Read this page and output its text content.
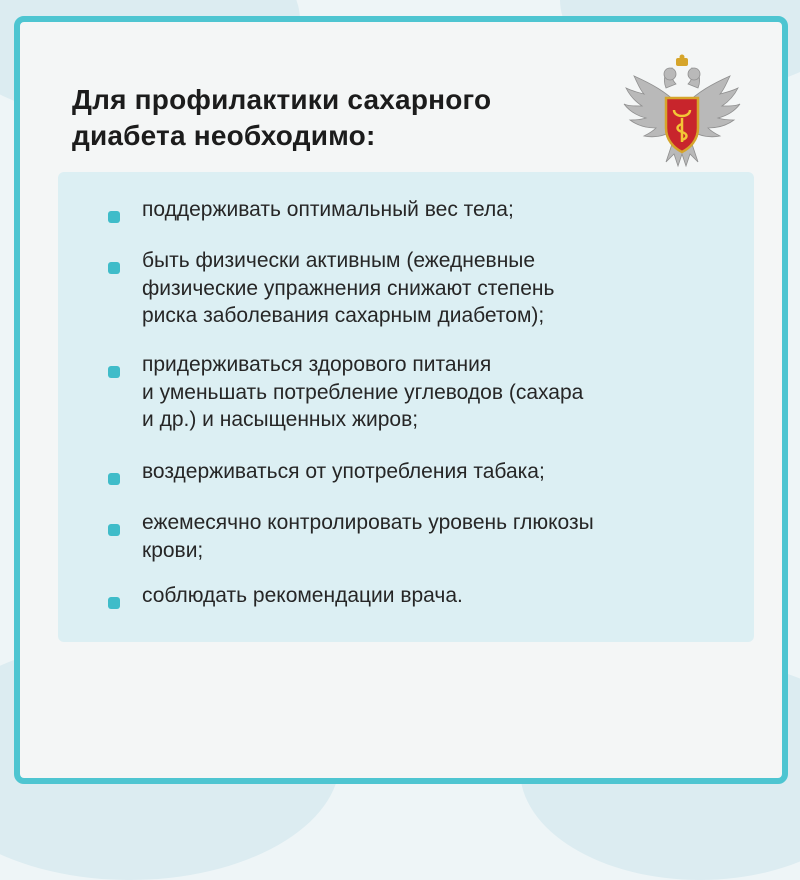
Для профилактики сахарного
диабета необходимо:
поддерживать оптимальный вес тела;
быть физически активным (ежедневные
физические упражнения снижают степень
риска заболевания сахарным диабетом);
придерживаться здорового питания
и уменьшать потребление углеводов (сахара
и др.) и насыщенных жиров;
воздерживаться от употребления табака;
ежемесячно контролировать уровень глюкозы
крови;
соблюдать рекомендации врача.
